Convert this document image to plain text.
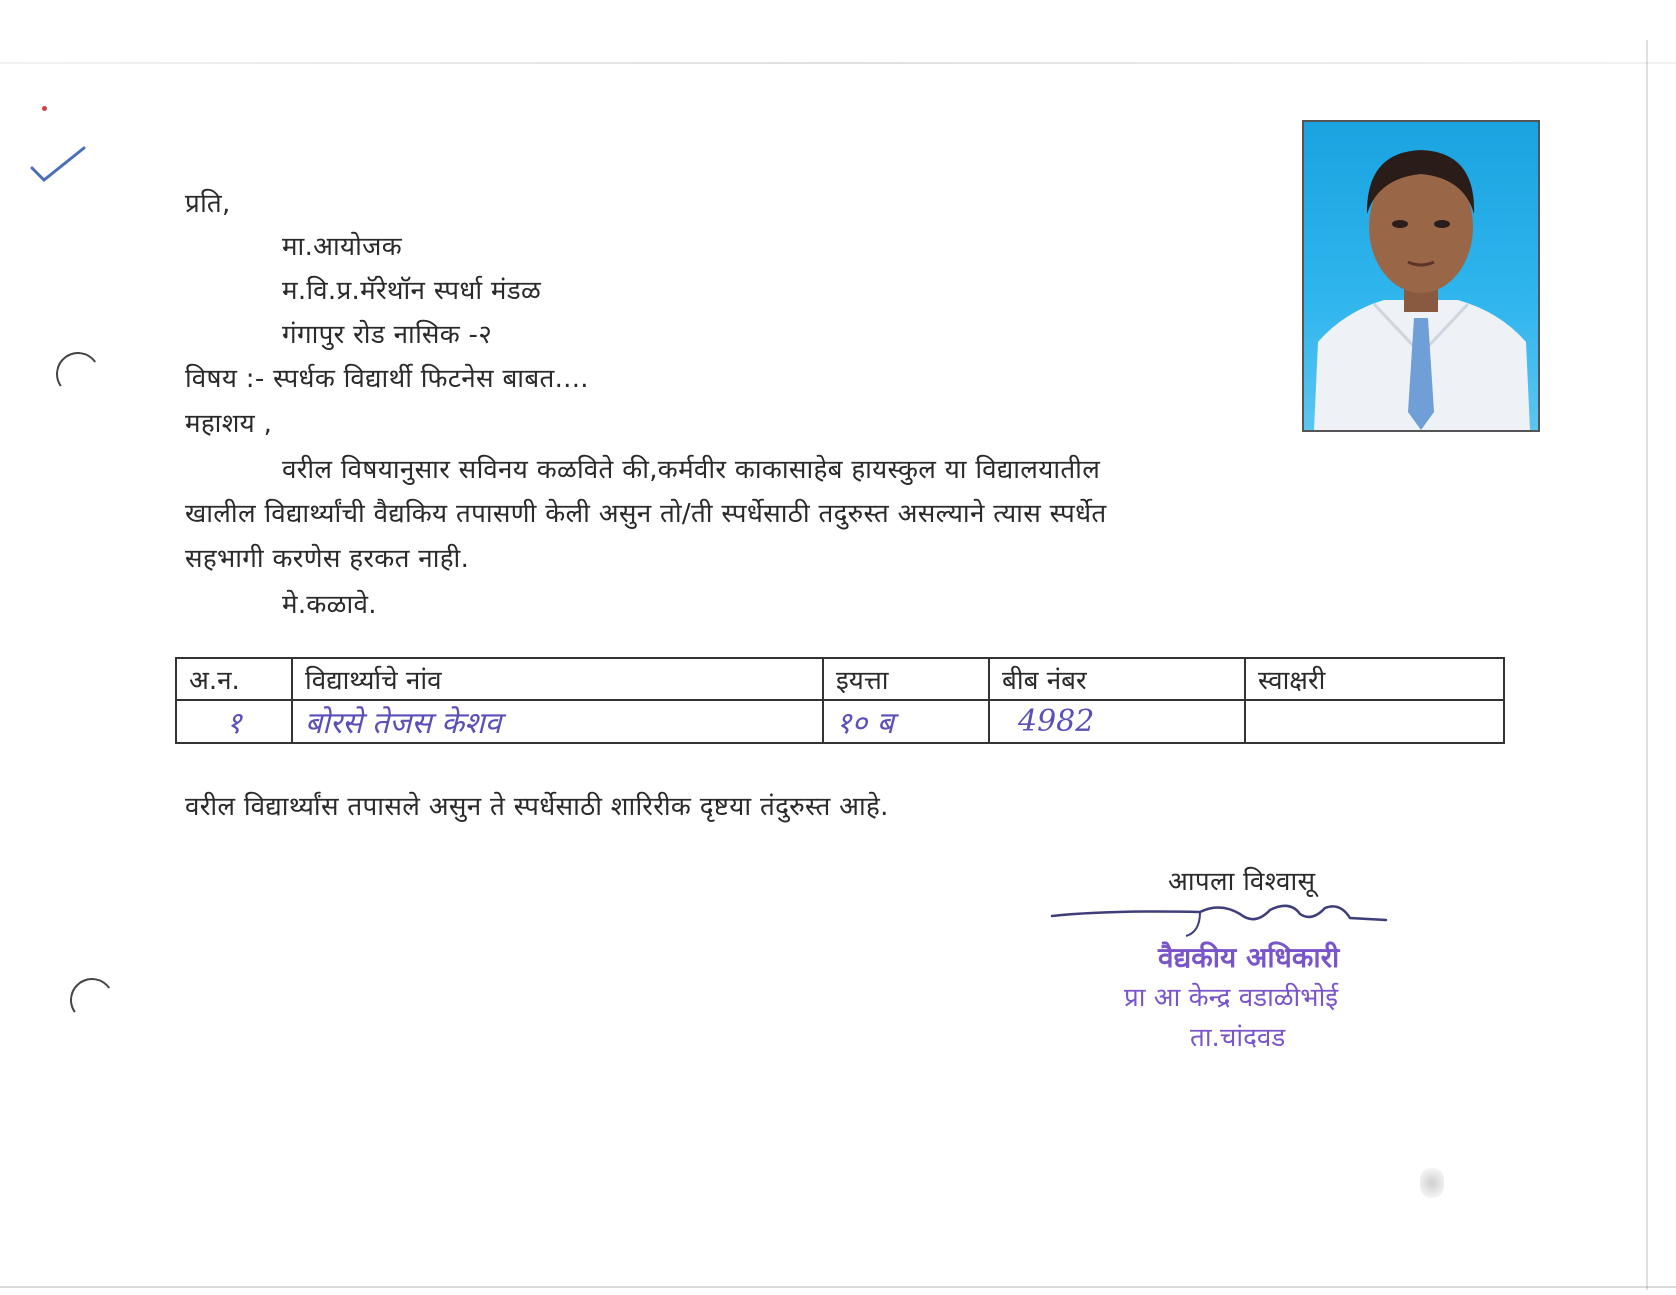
प्रति,
मा.आयोजक
म.वि.प्र.मॅरेथॉन स्पर्धा मंडळ
गंगापुर रोड नासिक -२
विषय :- स्पर्धक विद्यार्थी फिटनेस बाबत....
महाशय ,
वरील विषयानुसार सविनय कळविते की,कर्मवीर काकासाहेब हायस्कुल या विद्यालयातील
खालील विद्यार्थ्यांची वैद्यकिय तपासणी केली असुन तो/ती स्पर्धेसाठी तदुरुस्त असल्याने त्यास स्पर्धेत
सहभागी करणेस हरकत नाही.
मे.कळावे.
अ.न.	विद्यार्थ्याचे नांव	इयत्ता	बीब नंबर	स्वाक्षरी
१	बोरसे तेजस केशव	१० ब	4982	
वरील विद्यार्थ्यांस तपासले असुन ते स्पर्धेसाठी शारिरीक दृष्टया तंदुरुस्त आहे.
आपला विश्वासू
वैद्यकीय अधिकारी
प्रा आ केन्द्र वडाळीभोई
ता.चांदवड
